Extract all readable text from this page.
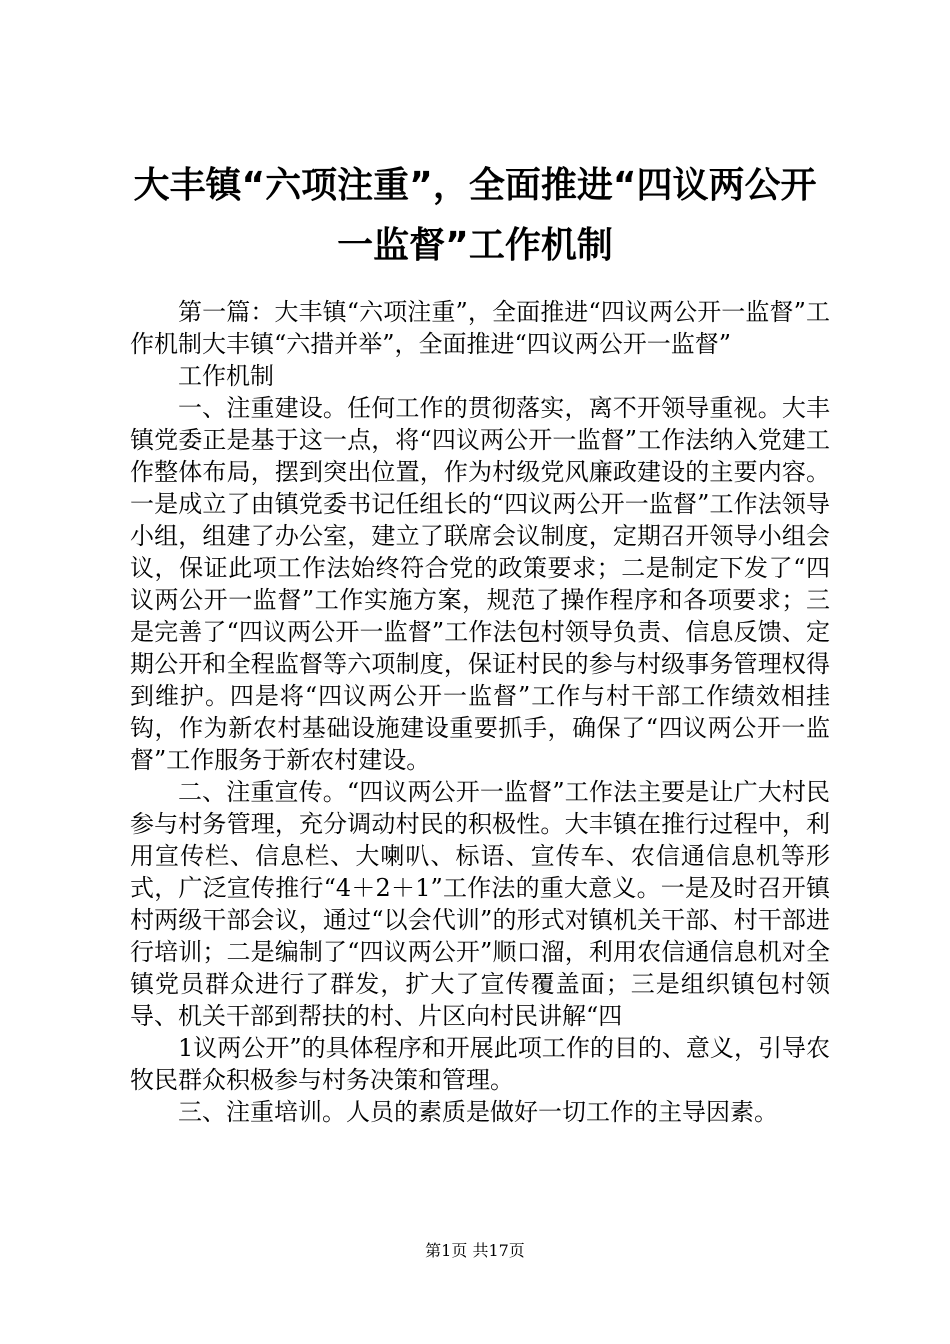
大丰镇“六项注重”，全面推进“四议两公开
一监督”工作机制

第一篇：大丰镇“六项注重”，全面推进“四议两公开一监督”工作机制大丰镇“六措并举”，全面推进“四议两公开一监督”

工作机制

一、注重建设。任何工作的贯彻落实，离不开领导重视。大丰镇党委正是基于这一点，将“四议两公开一监督”工作法纳入党建工作整体布局，摆到突出位置，作为村级党风廉政建设的主要内容。一是成立了由镇党委书记任组长的“四议两公开一监督”工作法领导小组，组建了办公室，建立了联席会议制度，定期召开领导小组会议，保证此项工作法始终符合党的政策要求；二是制定下发了“四议两公开一监督”工作实施方案，规范了操作程序和各项要求；三是完善了“四议两公开一监督”工作法包村领导负责、信息反馈、定期公开和全程监督等六项制度，保证村民的参与村级事务管理权得到维护。四是将“四议两公开一监督”工作与村干部工作绩效相挂钩，作为新农村基础设施建设重要抓手，确保了“四议两公开一监督”工作服务于新农村建设。

二、注重宣传。“四议两公开一监督”工作法主要是让广大村民参与村务管理，充分调动村民的积极性。大丰镇在推行过程中，利用宣传栏、信息栏、大喇叭、标语、宣传车、农信通信息机等形式，广泛宣传推行“4＋2＋1”工作法的重大意义。一是及时召开镇村两级干部会议，通过“以会代训”的形式对镇机关干部、村干部进行培训；二是编制了“四议两公开”顺口溜，利用农信通信息机对全镇党员群众进行了群发，扩大了宣传覆盖面；三是组织镇包村领导、机关干部到帮扶的村、片区向村民讲解“四

1议两公开”的具体程序和开展此项工作的目的、意义，引导农牧民群众积极参与村务决策和管理。

三、注重培训。人员的素质是做好一切工作的主导因素。

第1页 共17页
